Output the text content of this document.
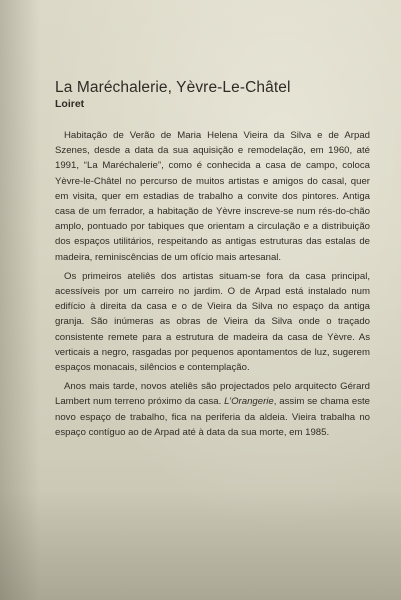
La Maréchalerie, Yèvre-Le-Châtel
Loiret

Habitação de Verão de Maria Helena Vieira da Silva e de Arpad Szenes, desde a data da sua aquisição e remodelação, em 1960, até 1991, “La Maréchalerie”, como é conhecida a casa de campo, coloca Yèvre-le-Châtel no percurso de muitos artistas e amigos do casal, quer em visita, quer em estadias de trabalho a convite dos pintores. Antiga casa de um ferrador, a habitação de Yèvre inscreve-se num rés-do-chão amplo, pontuado por tabiques que orientam a circulação e a distribuição dos espaços utilitários, respeitando as antigas estruturas das estalas de madeira, reminiscências de um ofício mais artesanal.

Os primeiros ateliês dos artistas situam-se fora da casa principal, acessíveis por um carreiro no jardim. O de Arpad está instalado num edifício à direita da casa e o de Vieira da Silva no espaço da antiga granja. São inúmeras as obras de Vieira da Silva onde o traçado consistente remete para a estrutura de madeira da casa de Yèvre. As verticais a negro, rasgadas por pequenos apontamentos de luz, sugerem espaços monacais, silêncios e contemplação.

Anos mais tarde, novos ateliês são projectados pelo arquitecto Gérard Lambert num terreno próximo da casa. L’Orangerie, assim se chama este novo espaço de trabalho, fica na periferia da aldeia. Vieira trabalha no espaço contíguo ao de Arpad até à data da sua morte, em 1985.
